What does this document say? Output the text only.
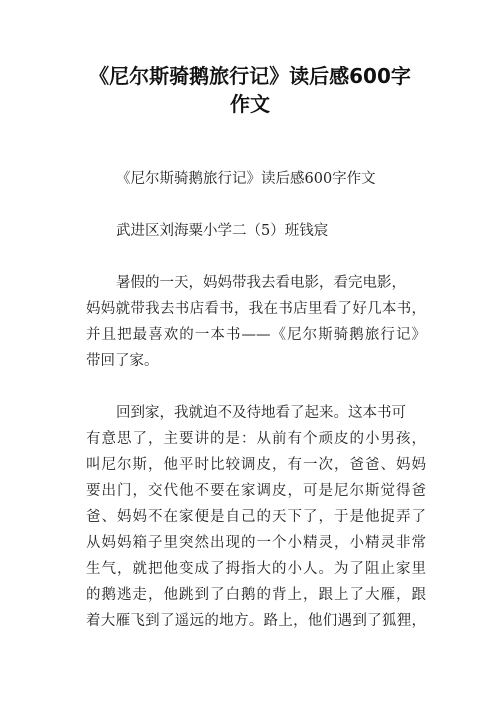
《尼尔斯骑鹅旅行记》读后感600字
作文
《尼尔斯骑鹅旅行记》读后感600字作文
武进区刘海粟小学二（5）班钱宸
暑假的一天，妈妈带我去看电影，看完电影，
妈妈就带我去书店看书，我在书店里看了好几本书，
并且把最喜欢的一本书——《尼尔斯骑鹅旅行记》
带回了家。
回到家，我就迫不及待地看了起来。这本书可
有意思了，主要讲的是：从前有个顽皮的小男孩，
叫尼尔斯，他平时比较调皮，有一次，爸爸、妈妈
要出门，交代他不要在家调皮，可是尼尔斯觉得爸
爸、妈妈不在家便是自己的天下了，于是他捉弄了
从妈妈箱子里突然出现的一个小精灵，小精灵非常
生气，就把他变成了拇指大的小人。为了阻止家里
的鹅逃走，他跳到了白鹅的背上，跟上了大雁，跟
着大雁飞到了遥远的地方。路上，他们遇到了狐狸，
